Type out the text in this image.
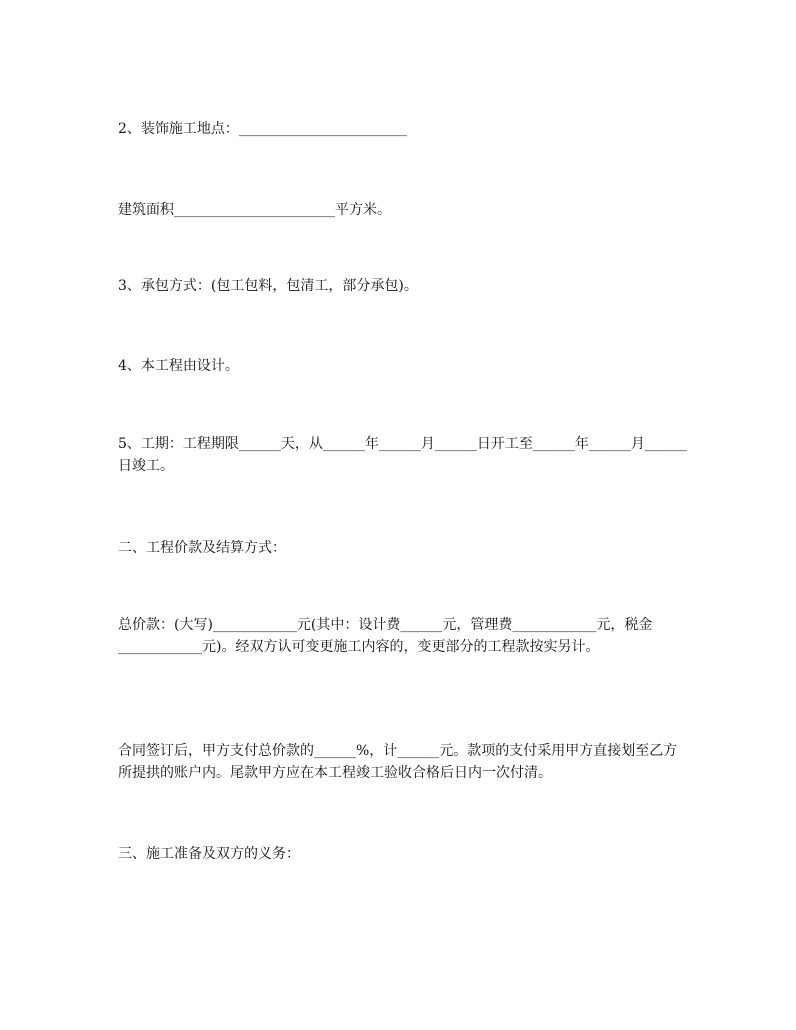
2、装饰施工地点：________________________

建筑面积_______________________平方米。

3、承包方式：(包工包料，包清工，部分承包)。

4、本工程由设计。

5、工期：工程期限______天，从______年______月______日开工至______年______月______日竣工。

二、工程价款及结算方式：

总价款：(大写)____________元(其中：设计费______元，管理费____________元，税金____________元)。经双方认可变更施工内容的，变更部分的工程款按实另计。

合同签订后，甲方支付总价款的______%，计______元。款项的支付采用甲方直接划至乙方所提拱的账户内。尾款甲方应在本工程竣工验收合格后日内一次付清。

三、施工准备及双方的义务：
